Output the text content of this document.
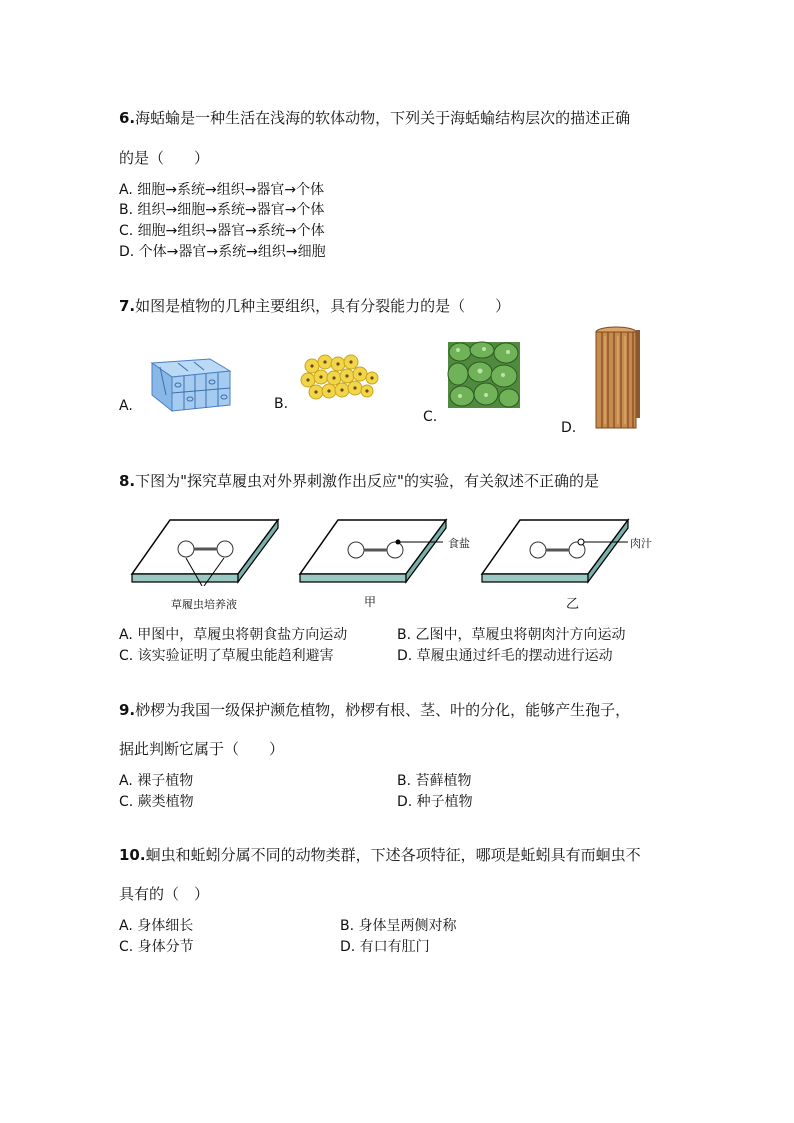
6.海蛞蝓是一种生活在浅海的软体动物，下列关于海蛞蝓结构层次的描述正确
的是（　　）
A. 细胞→系统→组织→器官→个体
B. 组织→细胞→系统→器官→个体
C. 细胞→组织→器官→系统→个体
D. 个体→器官→系统→组织→细胞
7.如图是植物的几种主要组织，具有分裂能力的是（　　）
A.	B.
C.
D.
8.下图为"探究草履虫对外界刺激作出反应"的实验，有关叙述不正确的是
草履虫培养液
食盐
甲
肉汁
乙
A. 甲图中，草履虫将朝食盐方向运动	B. 乙图中，草履虫将朝肉汁方向运动
C. 该实验证明了草履虫能趋利避害	D. 草履虫通过纤毛的摆动进行运动
9.桫椤为我国一级保护濒危植物，桫椤有根、茎、叶的分化，能够产生孢子，
据此判断它属于（　　）
A. 裸子植物	B. 苔藓植物
C. 蕨类植物	D. 种子植物
10.蛔虫和蚯蚓分属不同的动物类群，下述各项特征，哪项是蚯蚓具有而蛔虫不
具有的（　）
A. 身体细长	B. 身体呈两侧对称
C. 身体分节	D. 有口有肛门
